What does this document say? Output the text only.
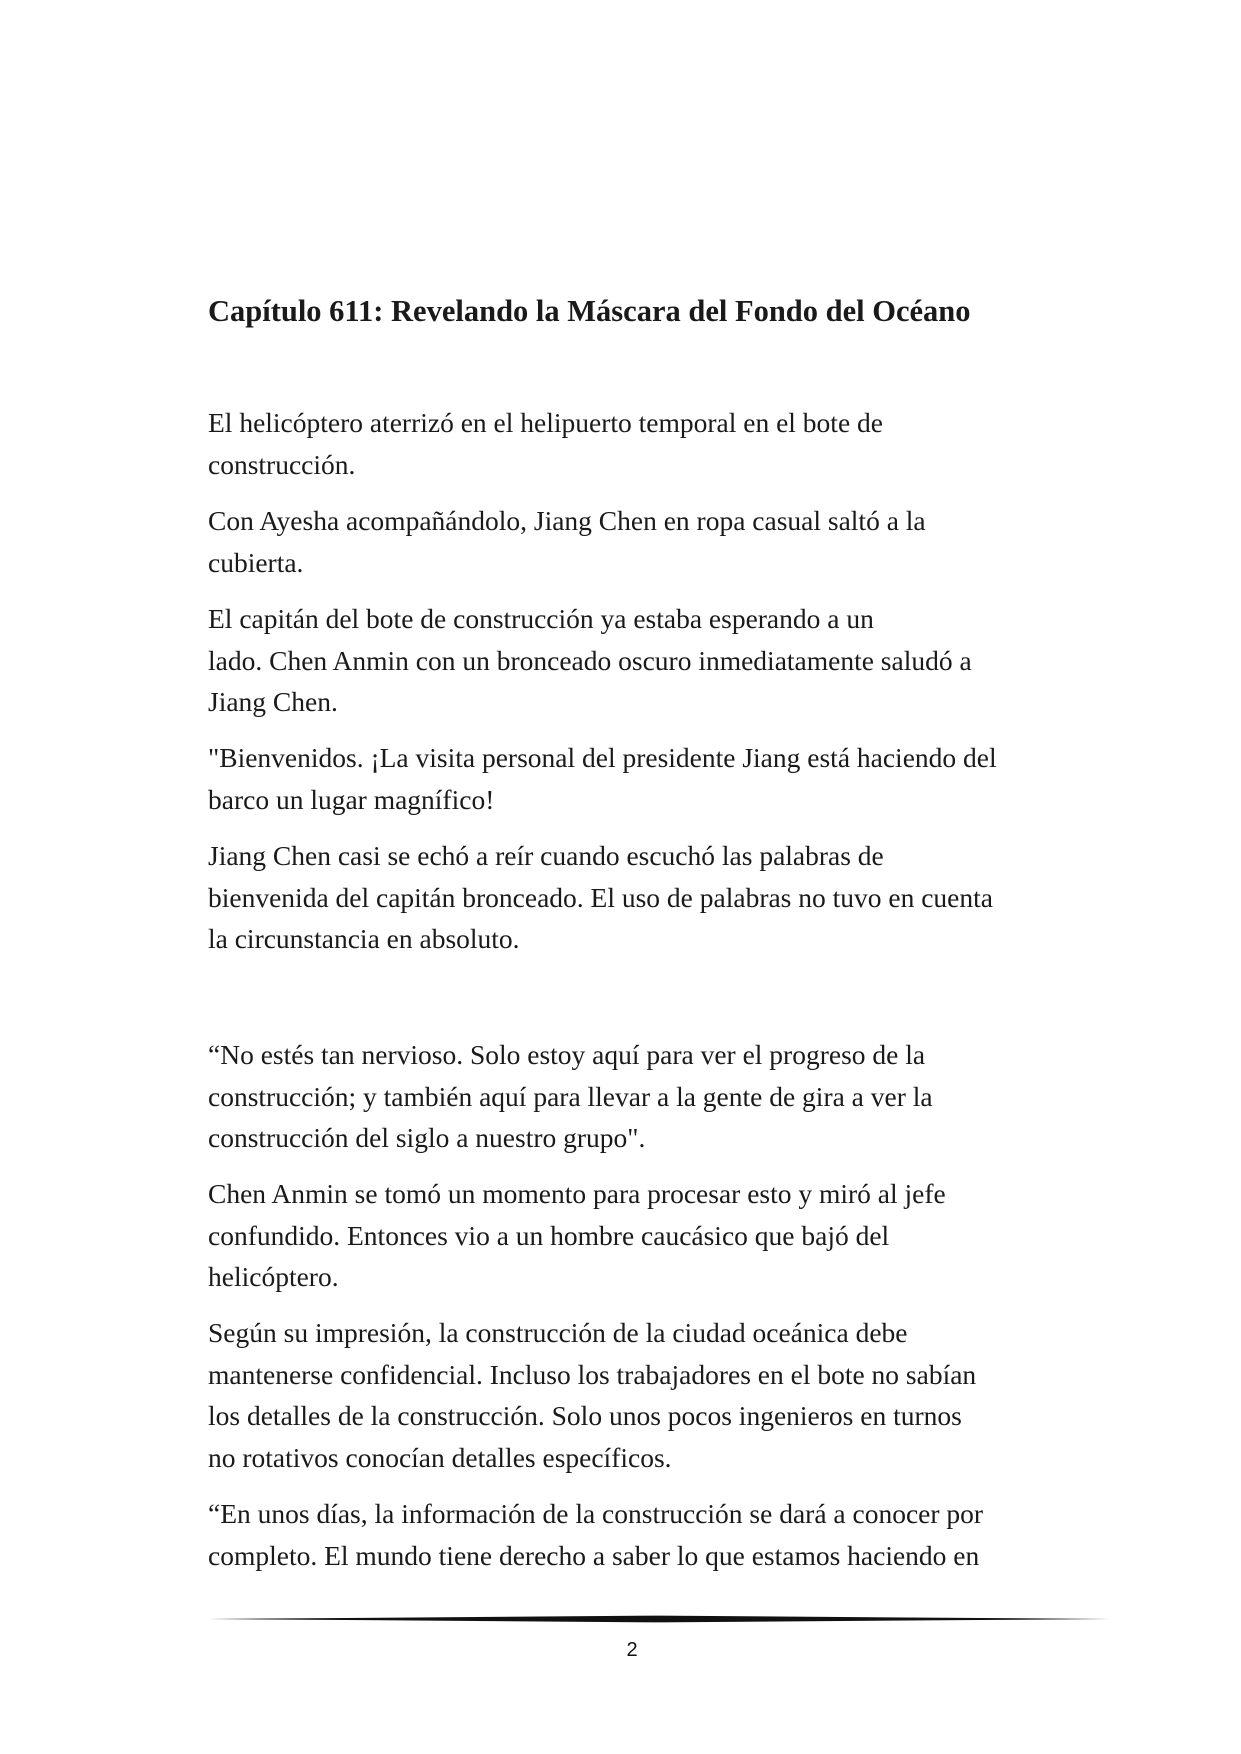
Capítulo 611: Revelando la Máscara del Fondo del Océano

El helicóptero aterrizó en el helipuerto temporal en el bote de
construcción.

Con Ayesha acompañándolo, Jiang Chen en ropa casual saltó a la
cubierta.

El capitán del bote de construcción ya estaba esperando a un
lado. Chen Anmin con un bronceado oscuro inmediatamente saludó a
Jiang Chen.

"Bienvenidos. ¡La visita personal del presidente Jiang está haciendo del
barco un lugar magnífico!

Jiang Chen casi se echó a reír cuando escuchó las palabras de
bienvenida del capitán bronceado. El uso de palabras no tuvo en cuenta
la circunstancia en absoluto.

“No estés tan nervioso. Solo estoy aquí para ver el progreso de la
construcción; y también aquí para llevar a la gente de gira a ver la
construcción del siglo a nuestro grupo".

Chen Anmin se tomó un momento para procesar esto y miró al jefe
confundido. Entonces vio a un hombre caucásico que bajó del
helicóptero.

Según su impresión, la construcción de la ciudad oceánica debe
mantenerse confidencial. Incluso los trabajadores en el bote no sabían
los detalles de la construcción. Solo unos pocos ingenieros en turnos
no rotativos conocían detalles específicos.

“En unos días, la información de la construcción se dará a conocer por
completo. El mundo tiene derecho a saber lo que estamos haciendo en

2
